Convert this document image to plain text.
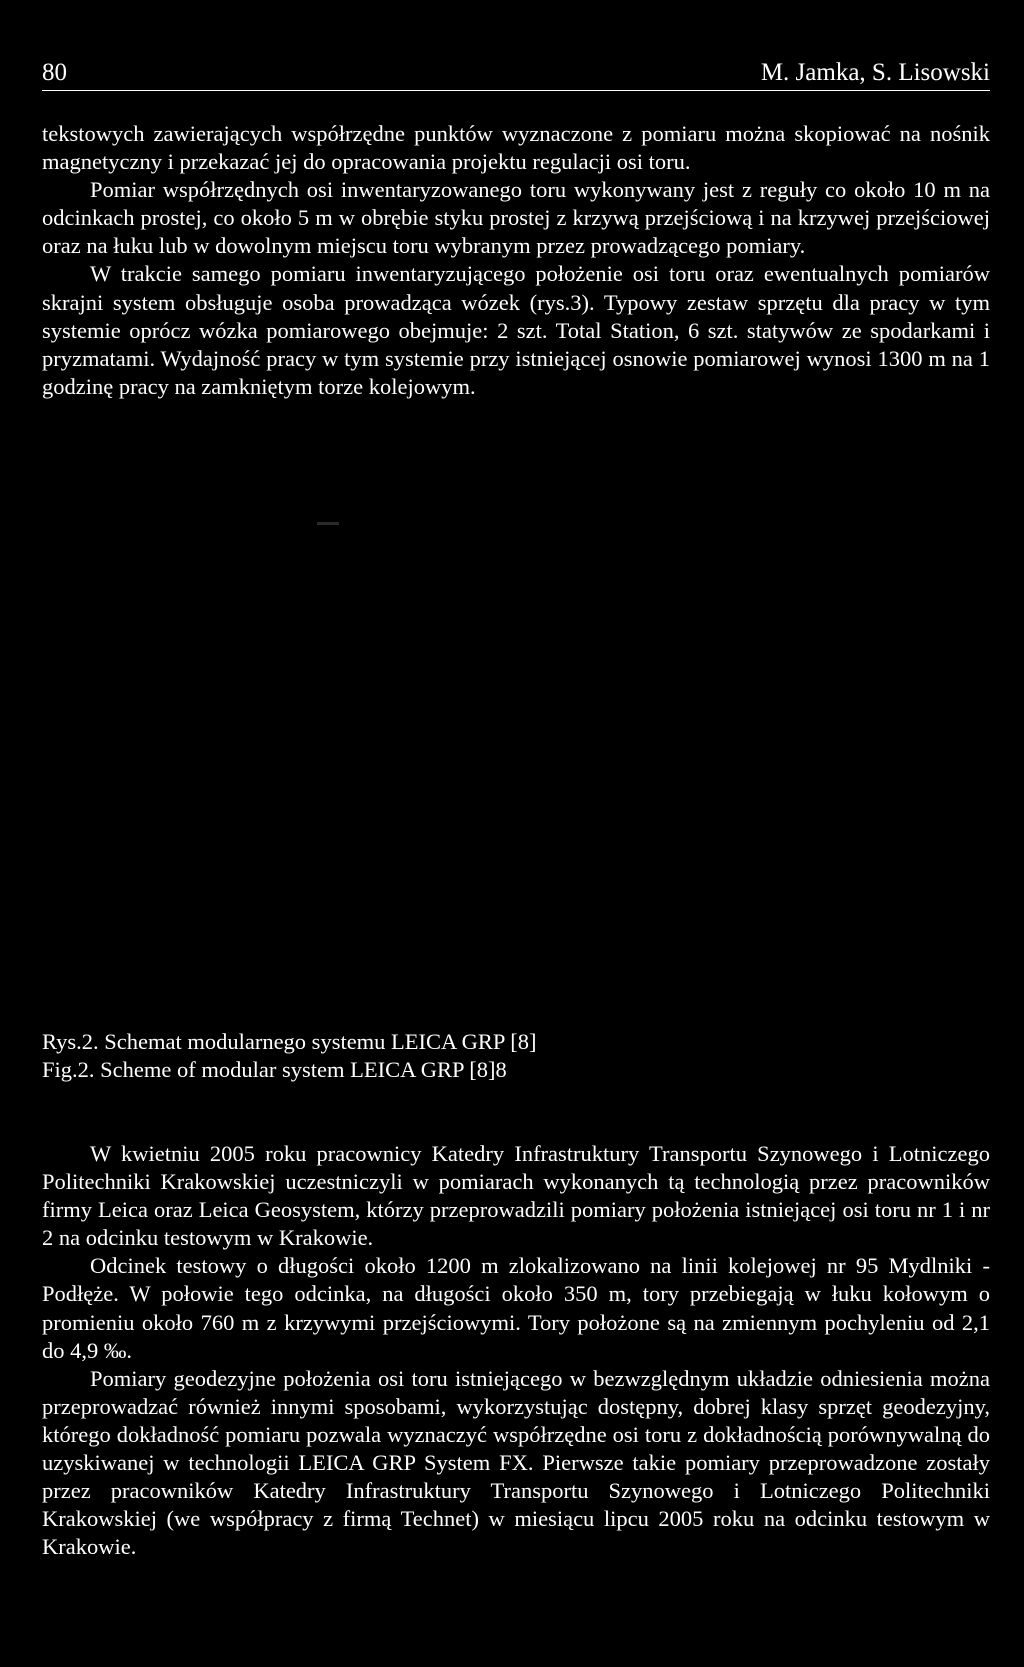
80	M. Jamka, S. Lisowski

tekstowych zawierających współrzędne punktów wyznaczone z pomiaru można skopiować na nośnik magnetyczny i przekazać jej do opracowania projektu regulacji osi toru.

Pomiar współrzędnych osi inwentaryzowanego toru wykonywany jest z reguły co około 10 m na odcinkach prostej, co około 5 m w obrębie styku prostej z krzywą przejściową i na krzywej przejściowej oraz na łuku lub w dowolnym miejscu toru wybranym przez prowadzącego pomiary.

W trakcie samego pomiaru inwentaryzującego położenie osi toru oraz ewentualnych pomiarów skrajni system obsługuje osoba prowadząca wózek (rys.3). Typowy zestaw sprzętu dla pracy w tym systemie oprócz wózka pomiarowego obejmuje: 2 szt. Total Station, 6 szt. statywów ze spodarkami i pryzmatami. Wydajność pracy w tym systemie przy istniejącej osnowie pomiarowej wynosi 1300 m na 1 godzinę pracy na zamkniętym torze kolejowym.

Rys.2. Schemat modularnego systemu LEICA GRP [8]
Fig.2. Scheme of modular system LEICA GRP [8]8

W kwietniu 2005 roku pracownicy Katedry Infrastruktury Transportu Szynowego i Lotniczego Politechniki Krakowskiej uczestniczyli w pomiarach wykonanych tą technologią przez pracowników firmy Leica oraz Leica Geosystem, którzy przeprowadzili pomiary położenia istniejącej osi toru nr 1 i nr 2 na odcinku testowym w Krakowie.

Odcinek testowy o długości około 1200 m zlokalizowano na linii kolejowej nr 95 Mydlniki - Podłęże. W połowie tego odcinka, na długości około 350 m, tory przebiegają w łuku kołowym o promieniu około 760 m z krzywymi przejściowymi. Tory położone są na zmiennym pochyleniu od 2,1 do 4,9 ‰.

Pomiary geodezyjne położenia osi toru istniejącego w bezwzględnym układzie odniesienia można przeprowadzać również innymi sposobami, wykorzystując dostępny, dobrej klasy sprzęt geodezyjny, którego dokładność pomiaru pozwala wyznaczyć współrzędne osi toru z dokładnością porównywalną do uzyskiwanej w technologii LEICA GRP System FX. Pierwsze takie pomiary przeprowadzone zostały przez pracowników Katedry Infrastruktury Transportu Szynowego i Lotniczego Politechniki Krakowskiej (we współpracy z firmą Technet) w miesiącu lipcu 2005 roku na odcinku testowym w Krakowie.
